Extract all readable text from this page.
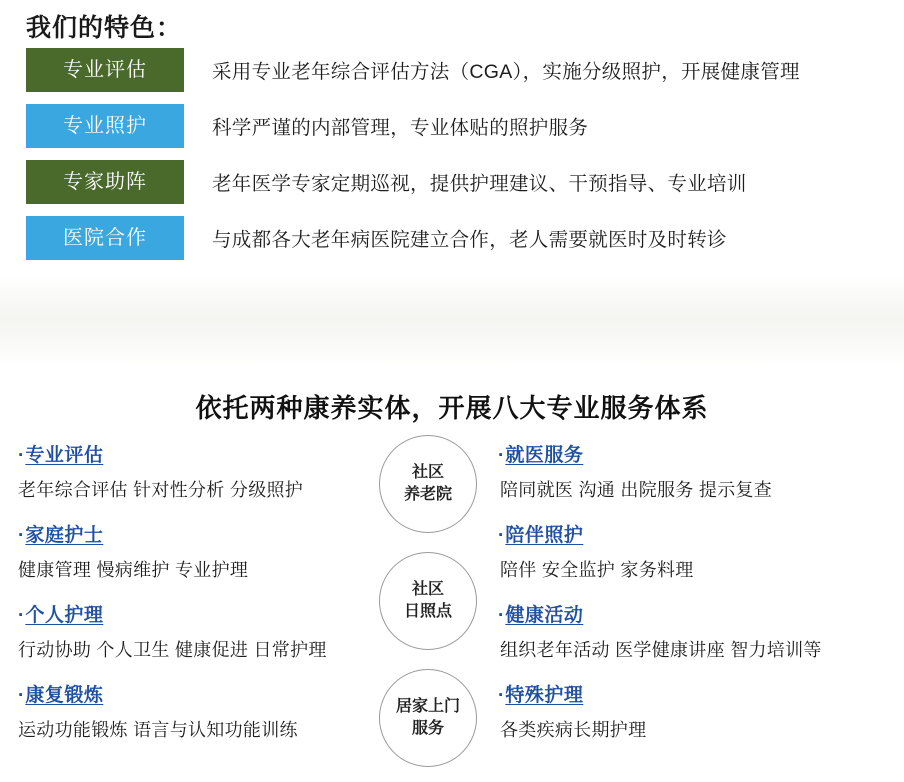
我们的特色：
专业评估	采用专业老年综合评估方法（CGA），实施分级照护，开展健康管理
专业照护	科学严谨的内部管理，专业体贴的照护服务
专家助阵	老年医学专家定期巡视，提供护理建议、干预指导、专业培训
医院合作	与成都各大老年病医院建立合作，老人需要就医时及时转诊
依托两种康养实体，开展八大专业服务体系
·专业评估
老年综合评估 针对性分析 分级照护
·家庭护士
健康管理 慢病维护 专业护理
·个人护理
行动协助 个人卫生 健康促进 日常护理
·康复锻炼
运动功能锻炼 语言与认知功能训练
社区
养老院
社区
日照点
居家上门
服务
·就医服务
陪同就医 沟通 出院服务 提示复查
·陪伴照护
陪伴 安全监护 家务料理
·健康活动
组织老年活动 医学健康讲座 智力培训等
·特殊护理
各类疾病长期护理
